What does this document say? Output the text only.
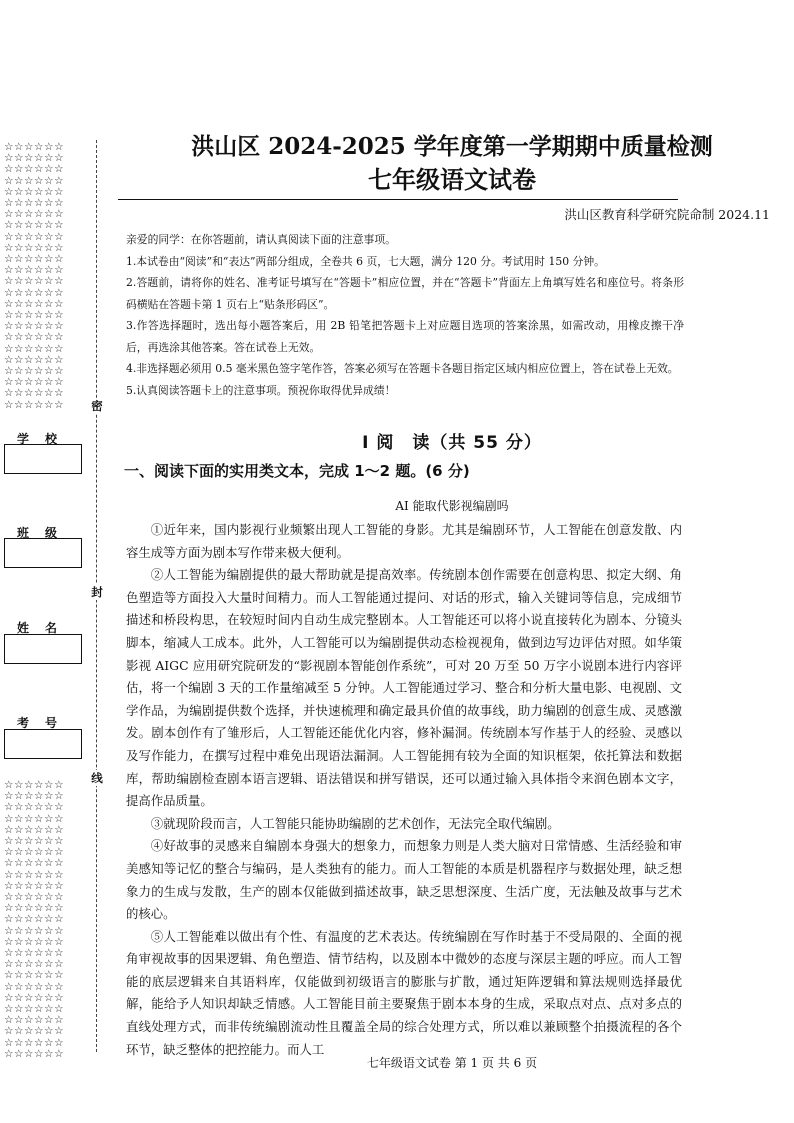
☆☆☆☆☆☆
☆☆☆☆☆☆
☆☆☆☆☆☆
☆☆☆☆☆☆
☆☆☆☆☆☆
☆☆☆☆☆☆
☆☆☆☆☆☆
☆☆☆☆☆☆
☆☆☆☆☆☆
☆☆☆☆☆☆
☆☆☆☆☆☆
☆☆☆☆☆☆
☆☆☆☆☆☆
☆☆☆☆☆☆
☆☆☆☆☆☆
☆☆☆☆☆☆
☆☆☆☆☆☆
☆☆☆☆☆☆
☆☆☆☆☆☆
☆☆☆☆☆☆
☆☆☆☆☆☆
☆☆☆☆☆☆
☆☆☆☆☆☆
☆☆☆☆☆☆
☆☆☆☆☆☆
☆☆☆☆☆☆
☆☆☆☆☆☆
☆☆☆☆☆☆
☆☆☆☆☆☆
☆☆☆☆☆☆
☆☆☆☆☆☆
☆☆☆☆☆☆
☆☆☆☆☆☆
☆☆☆☆☆☆
☆☆☆☆☆☆
☆☆☆☆☆☆
☆☆☆☆☆☆
☆☆☆☆☆☆
☆☆☆☆☆☆
☆☆☆☆☆☆
☆☆☆☆☆☆
☆☆☆☆☆☆
☆☆☆☆☆☆
☆☆☆☆☆☆
☆☆☆☆☆☆
☆☆☆☆☆☆
☆☆☆☆☆☆
☆☆☆☆☆☆
☆☆☆☆☆☆
学校
班级
姓名
考号
密
封
线
洪山区 2024-2025 学年度第一学期期中质量检测
七年级语文试卷
洪山区教育科学研究院命制 2024.11

亲爱的同学：在你答题前，请认真阅读下面的注意事项。

1.本试卷由“阅读”和“表达”两部分组成，全卷共 6 页，七大题，满分 120 分。考试用时 150 分钟。

2.答题前，请将你的姓名、准考证号填写在“答题卡”相应位置，并在“答题卡”背面左上角填写姓名和座位号。将条形码横贴在答题卡第 1 页右上“贴条形码区”。

3.作答选择题时，选出每小题答案后，用 2B 铅笔把答题卡上对应题目选项的答案涂黑，如需改动，用橡皮擦干净后，再选涂其他答案。答在试卷上无效。

4.非选择题必须用 0.5 毫米黑色签字笔作答，答案必须写在答题卡各题目指定区域内相应位置上，答在试卷上无效。

5.认真阅读答题卡上的注意事项。预祝你取得优异成绩！

Ⅰ 阅　读（共 55 分）
一、阅读下面的实用类文本，完成 1～2 题。(6 分)
AI 能取代影视编剧吗

①近年来，国内影视行业频繁出现人工智能的身影。尤其是编剧环节，人工智能在创意发散、内容生成等方面为剧本写作带来极大便利。

②人工智能为编剧提供的最大帮助就是提高效率。传统剧本创作需要在创意构思、拟定大纲、角色塑造等方面投入大量时间精力。而人工智能通过提问、对话的形式，输入关键词等信息，完成细节描述和桥段构思，在较短时间内自动生成完整剧本。人工智能还可以将小说直接转化为剧本、分镜头脚本，缩减人工成本。此外，人工智能可以为编剧提供动态检视视角，做到边写边评估对照。如华策影视 AIGC 应用研究院研发的“影视剧本智能创作系统”，可对 20 万至 50 万字小说剧本进行内容评估，将一个编剧 3 天的工作量缩减至 5 分钟。人工智能通过学习、整合和分析大量电影、电视剧、文学作品，为编剧提供数个选择，并快速梳理和确定最具价值的故事线，助力编剧的创意生成、灵感激发。剧本创作有了雏形后，人工智能还能优化内容，修补漏洞。传统剧本写作基于人的经验、灵感以及写作能力，在撰写过程中难免出现语法漏洞。人工智能拥有较为全面的知识框架，依托算法和数据库，帮助编剧检查剧本语言逻辑、语法错误和拼写错误，还可以通过输入具体指令来润色剧本文字，提高作品质量。

③就现阶段而言，人工智能只能协助编剧的艺术创作，无法完全取代编剧。

④好故事的灵感来自编剧本身强大的想象力，而想象力则是人类大脑对日常情感、生活经验和审美感知等记忆的整合与编码，是人类独有的能力。而人工智能的本质是机器程序与数据处理，缺乏想象力的生成与发散，生产的剧本仅能做到描述故事，缺乏思想深度、生活广度，无法触及故事与艺术的核心。

⑤人工智能难以做出有个性、有温度的艺术表达。传统编剧在写作时基于不受局限的、全面的视角审视故事的因果逻辑、角色塑造、情节结构，以及剧本中微妙的态度与深层主题的呼应。而人工智能的底层逻辑来自其语料库，仅能做到初级语言的膨胀与扩散，通过矩阵逻辑和算法规则选择最优解，能给予人知识却缺乏情感。人工智能目前主要聚焦于剧本本身的生成，采取点对点、点对多点的直线处理方式，而非传统编剧流动性且覆盖全局的综合处理方式，所以难以兼顾整个拍摄流程的各个环节，缺乏整体的把控能力。而人工

七年级语文试卷 第 1 页 共 6 页
